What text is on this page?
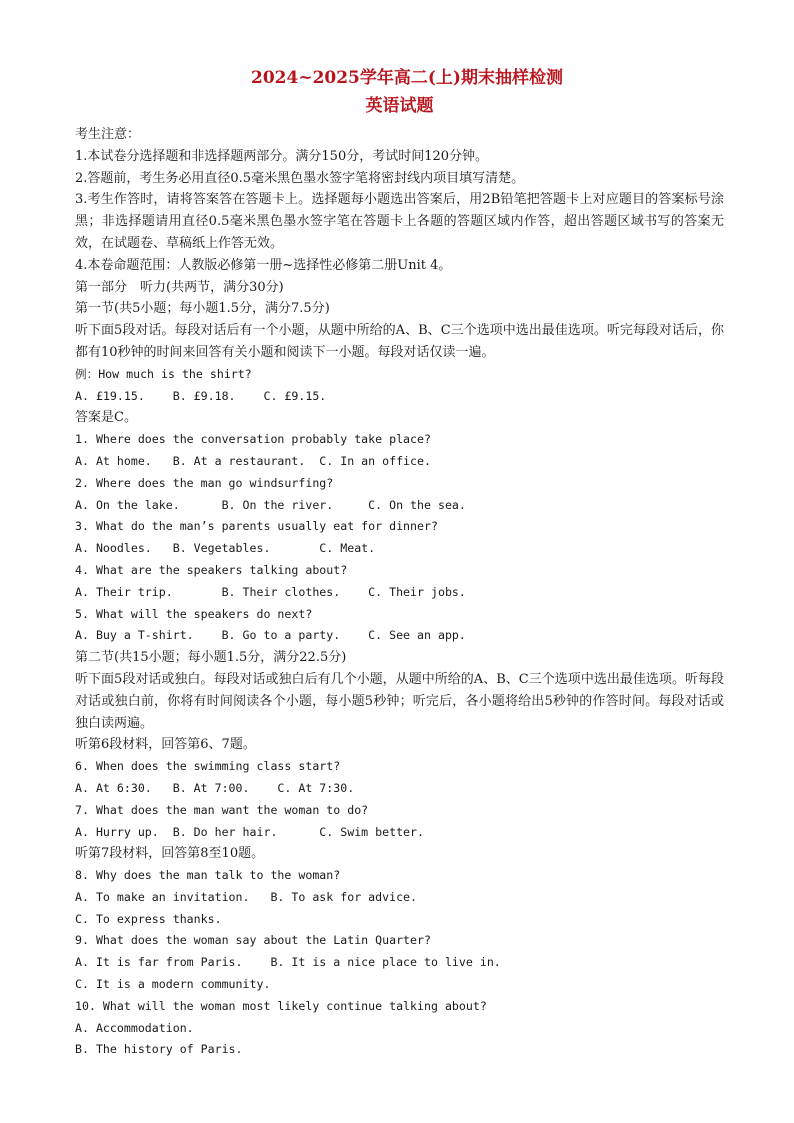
2024~2025学年高二(上)期末抽样检测

英语试题

考生注意：

1.本试卷分选择题和非选择题两部分。满分150分，考试时间120分钟。

2.答题前，考生务必用直径0.5毫米黑色墨水签字笔将密封线内项目填写清楚。

3.考生作答时，请将答案答在答题卡上。选择题每小题选出答案后，用2B铅笔把答题卡上对应题目的答案标号涂黑；非选择题请用直径0.5毫米黑色墨水签字笔在答题卡上各题的答题区域内作答，超出答题区域书写的答案无效，在试题卷、草稿纸上作答无效。

4.本卷命题范围：人教版必修第一册~选择性必修第二册Unit 4。

第一部分　听力(共两节，满分30分)

第一节(共5小题；每小题1.5分，满分7.5分)

听下面5段对话。每段对话后有一个小题，从题中所给的A、B、C三个选项中选出最佳选项。听完每段对话后，你都有10秒钟的时间来回答有关小题和阅读下一小题。每段对话仅读一遍。

例：How much is the shirt?

A. £19.15.    B. £9.18.    C. £9.15.

答案是C。

1. Where does the conversation probably take place?

A. At home.   B. At a restaurant.  C. In an office.

2. Where does the man go windsurfing?

A. On the lake.      B. On the river.     C. On the sea.

3. What do the man’s parents usually eat for dinner?

A. Noodles.   B. Vegetables.       C. Meat.

4. What are the speakers talking about?

A. Their trip.       B. Their clothes.    C. Their jobs.

5. What will the speakers do next?

A. Buy a T-shirt.    B. Go to a party.    C. See an app.

第二节(共15小题；每小题1.5分，满分22.5分)

听下面5段对话或独白。每段对话或独白后有几个小题，从题中所给的A、B、C三个选项中选出最佳选项。听每段对话或独白前，你将有时间阅读各个小题，每小题5秒钟；听完后，各小题将给出5秒钟的作答时间。每段对话或独白读两遍。

听第6段材料，回答第6、7题。

6. When does the swimming class start?

A. At 6:30.   B. At 7:00.    C. At 7:30.

7. What does the man want the woman to do?

A. Hurry up.  B. Do her hair.      C. Swim better.

听第7段材料，回答第8至10题。

8. Why does the man talk to the woman?

A. To make an invitation.   B. To ask for advice.

C. To express thanks.

9. What does the woman say about the Latin Quarter?

A. It is far from Paris.    B. It is a nice place to live in.

C. It is a modern community.

10. What will the woman most likely continue talking about?

A. Accommodation.

B. The history of Paris.
